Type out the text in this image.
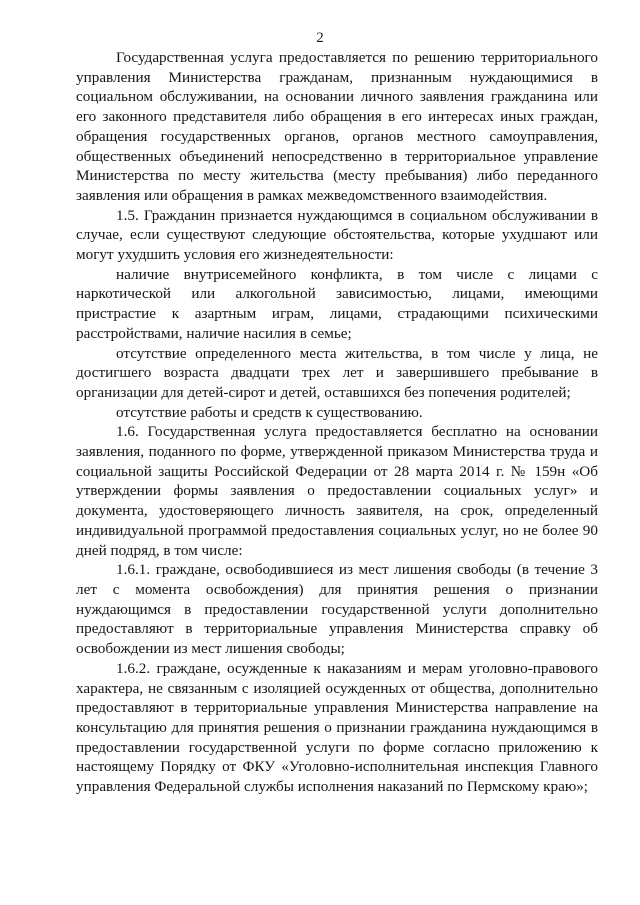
2

Государственная услуга предоставляется по решению территориального управления Министерства гражданам, признанным нуждающимися в социальном обслуживании, на основании личного заявления гражданина или его законного представителя либо обращения в его интересах иных граждан, обращения государственных органов, органов местного самоуправления, общественных объединений непосредственно в территориальное управление Министерства по месту жительства (месту пребывания) либо переданного заявления или обращения в рамках межведомственного взаимодействия.

1.5. Гражданин признается нуждающимся в социальном обслуживании в случае, если существуют следующие обстоятельства, которые ухудшают или могут ухудшить условия его жизнедеятельности:

наличие внутрисемейного конфликта, в том числе с лицами с наркотической или алкогольной зависимостью, лицами, имеющими пристрастие к азартным играм, лицами, страдающими психическими расстройствами, наличие насилия в семье;

отсутствие определенного места жительства, в том числе у лица, не достигшего возраста двадцати трех лет и завершившего пребывание в организации для детей-сирот и детей, оставшихся без попечения родителей;

отсутствие работы и средств к существованию.

1.6. Государственная услуга предоставляется бесплатно на основании заявления, поданного по форме, утвержденной приказом Министерства труда и социальной защиты Российской Федерации от 28 марта 2014 г. № 159н «Об утверждении формы заявления о предоставлении социальных услуг» и документа, удостоверяющего личность заявителя, на срок, определенный индивидуальной программой предоставления социальных услуг, но не более 90 дней подряд, в том числе:

1.6.1. граждане, освободившиеся из мест лишения свободы (в течение 3 лет с момента освобождения) для принятия решения о признании нуждающимся в предоставлении государственной услуги дополнительно предоставляют в территориальные управления Министерства справку об освобождении из мест лишения свободы;

1.6.2. граждане, осужденные к наказаниям и мерам уголовно-правового характера, не связанным с изоляцией осужденных от общества, дополнительно предоставляют в территориальные управления Министерства направление на консультацию для принятия решения о признании гражданина нуждающимся в предоставлении государственной услуги по форме согласно приложению к настоящему Порядку от ФКУ «Уголовно-исполнительная инспекция Главного управления Федеральной службы исполнения наказаний по Пермскому краю»;
